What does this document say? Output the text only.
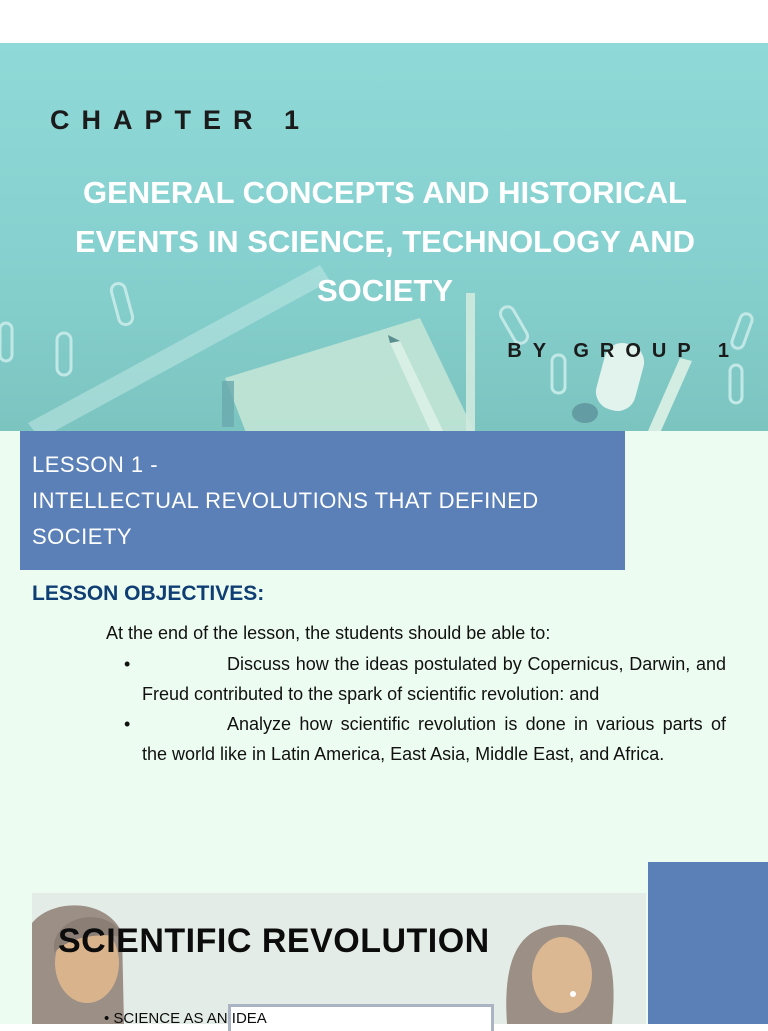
CHAPTER 1
GENERAL CONCEPTS AND HISTORICAL EVENTS IN SCIENCE, TECHNOLOGY AND SOCIETY
BY GROUP 1
LESSON 1 -
INTELLECTUAL REVOLUTIONS THAT DEFINED SOCIETY
LESSON OBJECTIVES:
At the end of the lesson, the students should be able to:
•	Discuss how the ideas postulated by Copernicus, Darwin, and Freud contributed to the spark of scientific revolution: and
•	Analyze how scientific revolution is done in various parts of the world like in Latin America, East Asia, Middle East, and Africa.
SCIENTIFIC REVOLUTION
• SCIENCE AS AN IDEA
